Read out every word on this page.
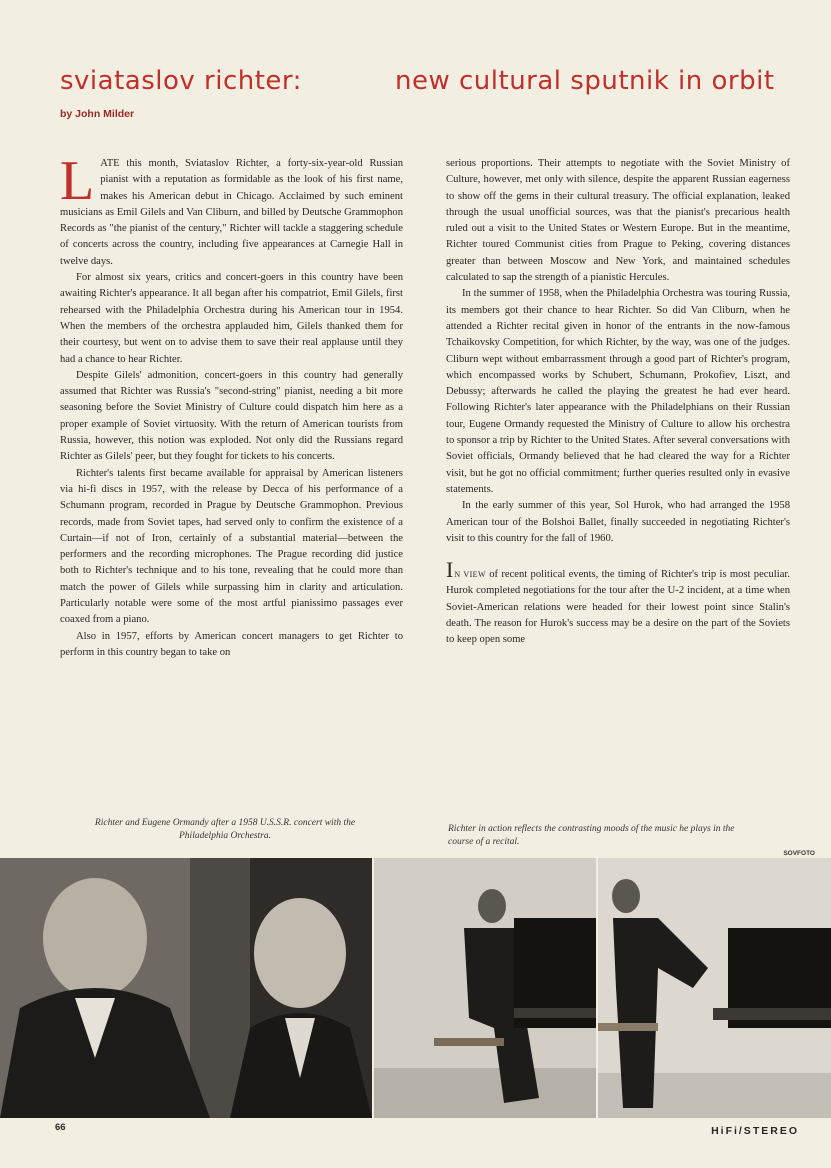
sviataslov richter:	new cultural sputnik in orbit
by John Milder

LATE this month, Sviataslov Richter, a forty-six-year-old Russian pianist with a reputation as formidable as the look of his first name, makes his American debut in Chicago. Acclaimed by such eminent musicians as Emil Gilels and Van Cliburn, and billed by Deutsche Grammophon Records as "the pianist of the century," Richter will tackle a staggering schedule of concerts across the country, including five appearances at Carnegie Hall in twelve days.

For almost six years, critics and concert-goers in this country have been awaiting Richter's appearance. It all began after his compatriot, Emil Gilels, first rehearsed with the Philadelphia Orchestra during his American tour in 1954. When the members of the orchestra applauded him, Gilels thanked them for their courtesy, but went on to advise them to save their real applause until they had a chance to hear Richter.

Despite Gilels' admonition, concert-goers in this country had generally assumed that Richter was Russia's "second-string" pianist, needing a bit more seasoning before the Soviet Ministry of Culture could dispatch him here as a proper example of Soviet virtuosity. With the return of American tourists from Russia, however, this notion was exploded. Not only did the Russians regard Richter as Gilels' peer, but they fought for tickets to his concerts.

Richter's talents first became available for appraisal by American listeners via hi-fi discs in 1957, with the release by Decca of his performance of a Schumann program, recorded in Prague by Deutsche Grammophon. Previous records, made from Soviet tapes, had served only to confirm the existence of a Curtain—if not of Iron, certainly of a substantial material—between the performers and the recording microphones. The Prague recording did justice both to Richter's technique and to his tone, revealing that he could more than match the power of Gilels while surpassing him in clarity and articulation. Particularly notable were some of the most artful pianissimo passages ever coaxed from a piano.

Also in 1957, efforts by American concert managers to get Richter to perform in this country began to take on

serious proportions. Their attempts to negotiate with the Soviet Ministry of Culture, however, met only with silence, despite the apparent Russian eagerness to show off the gems in their cultural treasury. The official explanation, leaked through the usual unofficial sources, was that the pianist's precarious health ruled out a visit to the United States or Western Europe. But in the meantime, Richter toured Communist cities from Prague to Peking, covering distances greater than between Moscow and New York, and maintained schedules calculated to sap the strength of a pianistic Hercules.

In the summer of 1958, when the Philadelphia Orchestra was touring Russia, its members got their chance to hear Richter. So did Van Cliburn, when he attended a Richter recital given in honor of the entrants in the now-famous Tchaikovsky Competition, for which Richter, by the way, was one of the judges. Cliburn wept without embarrassment through a good part of Richter's program, which encompassed works by Schubert, Schumann, Prokofiev, Liszt, and Debussy; afterwards he called the playing the greatest he had ever heard. Following Richter's later appearance with the Philadelphians on their Russian tour, Eugene Ormandy requested the Ministry of Culture to allow his orchestra to sponsor a trip by Richter to the United States. After several conversations with Soviet officials, Ormandy believed that he had cleared the way for a Richter visit, but he got no official commitment; further queries resulted only in evasive statements.

In the early summer of this year, Sol Hurok, who had arranged the 1958 American tour of the Bolshoi Ballet, finally succeeded in negotiating Richter's visit to this country for the fall of 1960.

IN VIEW of recent political events, the timing of Richter's trip is most peculiar. Hurok completed negotiations for the tour after the U-2 incident, at a time when Soviet-American relations were headed for their lowest point since Stalin's death. The reason for Hurok's success may be a desire on the part of the Soviets to keep open some

Richter and Eugene Ormandy after a 1958 U.S.S.R. concert with the Philadelphia Orchestra.
Richter in action reflects the contrasting moods of the music he plays in the course of a recital.
SOVFOTO
66	HiFi/STEREO
